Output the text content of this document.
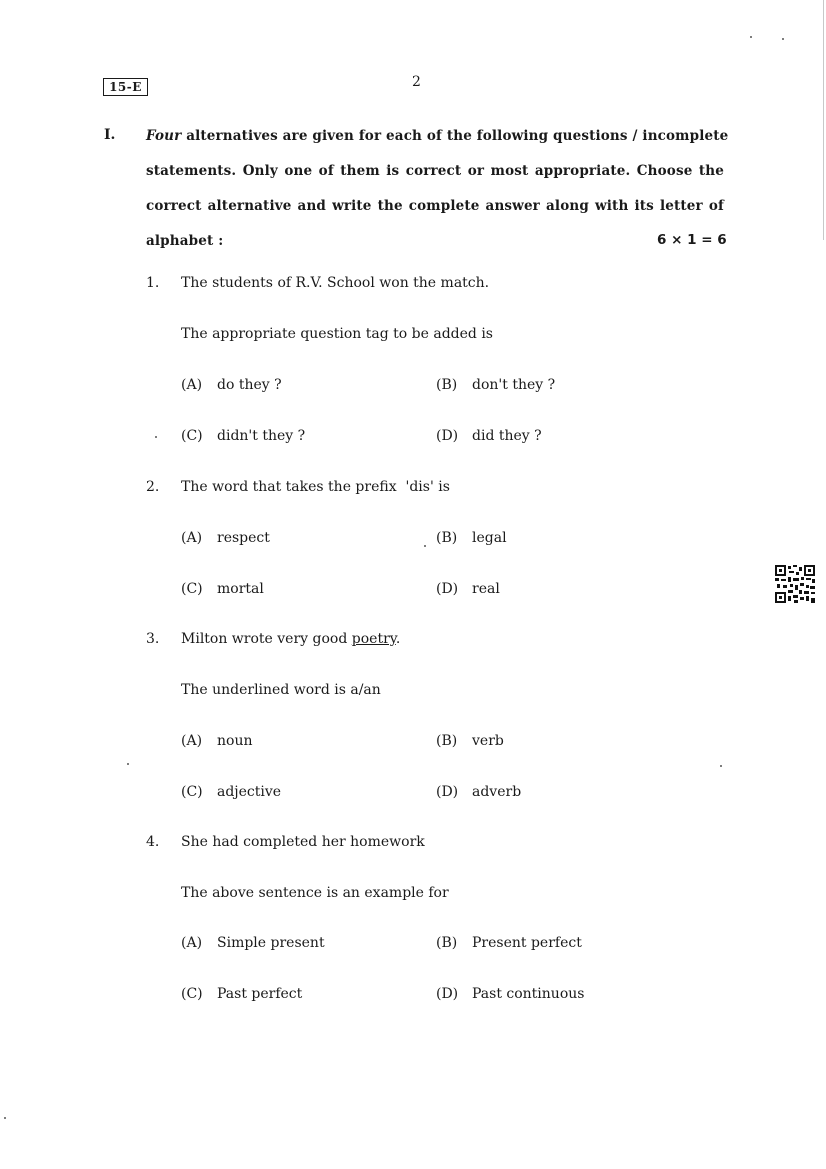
15-E	2
I. Four alternatives are given for each of the following questions / incomplete
statements. Only one of them is correct or most appropriate. Choose the
correct alternative and write the complete answer along with its letter of
alphabet :	6 × 1 = 6
1. The students of R.V. School won the match.
The appropriate question tag to be added is
(A) do they ?	(B) don't they ?
(C) didn't they ?	(D) did they ?
2. The word that takes the prefix  'dis' is
(A) respect	(B) legal
(C) mortal	(D) real
3. Milton wrote very good poetry.
The underlined word is a/an
(A) noun	(B) verb
(C) adjective	(D) adverb
4. She had completed her homework
The above sentence is an example for
(A) Simple present	(B) Present perfect
(C) Past perfect	(D) Past continuous
